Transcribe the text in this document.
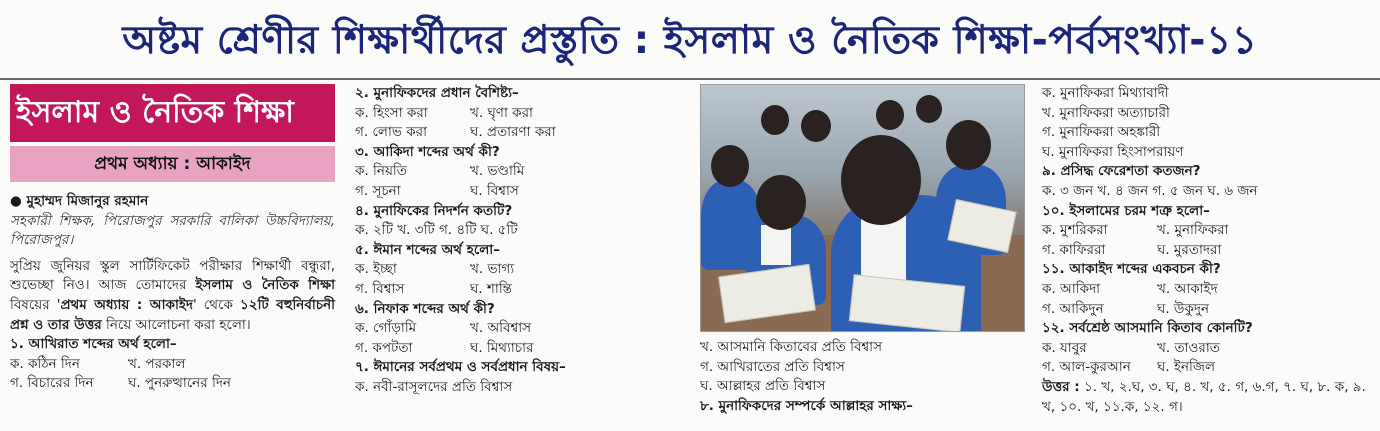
অষ্টম শ্রেণীর শিক্ষার্থীদের প্রস্তুতি : ইসলাম ও নৈতিক শিক্ষা-পর্বসংখ্যা-১১
ইসলাম ও নৈতিক শিক্ষা
প্রথম অধ্যায় : আকাইদ
● মুহাম্মদ মিজানুর রহমান
সহকারী শিক্ষক, পিরোজপুর সরকারি বালিকা উচ্চবিদ্যালয়, পিরোজপুর।
সুপ্রিয় জুনিয়র স্কুল সার্টিফিকেট পরীক্ষার শিক্ষার্থী বন্ধুরা, শুভেচ্ছা নিও। আজ তোমাদের ইসলাম ও নৈতিক শিক্ষা বিষয়ের 'প্রথম অধ্যায় : আকাইদ' থেকে ১২টি বহুনির্বাচনী প্রশ্ন ও তার উত্তর নিয়ে আলোচনা করা হলো।
১. আখিরাত শব্দের অর্থ হলো–
ক. কঠিন দিন	খ. পরকাল
গ. বিচারের দিন	ঘ. পুনরুত্থানের দিন
২. মুনাফিকদের প্রধান বৈশিষ্ট্য–
ক. হিংসা করা	খ. ঘৃণা করা
গ. লোভ করা	ঘ. প্রতারণা করা
৩. আকিদা শব্দের অর্থ কী?
ক. নিয়তি	খ. ভণ্ডামি
গ. সূচনা	ঘ. বিশ্বাস
৪. মুনাফিকের নিদর্শন কতটি?
ক. ২টি খ. ৩টি গ. ৪টি ঘ. ৫টি
৫. ঈমান শব্দের অর্থ হলো–
ক. ইচ্ছা	খ. ভাগ্য
গ. বিশ্বাস	ঘ. শান্তি
৬. নিফাক শব্দের অর্থ কী?
ক. গোঁড়ামি	খ. অবিশ্বাস
গ. কপটতা	ঘ. মিথ্যাচার
৭. ঈমানের সর্বপ্রথম ও সর্বপ্রধান বিষয়–
ক. নবী-রাসূলদের প্রতি বিশ্বাস
খ. আসমানি কিতাবের প্রতি বিশ্বাস
গ. আখিরাতের প্রতি বিশ্বাস
ঘ. আল্লাহর প্রতি বিশ্বাস
৮. মুনাফিকদের সম্পর্কে আল্লাহর সাক্ষ্য–
ক. মুনাফিকরা মিথ্যাবাদী
খ. মুনাফিকরা অত্যাচারী
গ. মুনাফিকরা অহঙ্কারী
ঘ. মুনাফিকরা হিংসাপরায়ণ
৯. প্রসিদ্ধ ফেরেশতা কতজন?
ক. ৩ জন খ. ৪ জন গ. ৫ জন ঘ. ৬ জন
১০. ইসলামের চরম শত্রু হলো–
ক. মুশরিকরা	খ. মুনাফিকরা
গ. কাফিররা	ঘ. মুরতাদরা
১১. আকাইদ শব্দের একবচন কী?
ক. আকিদা	খ. আকাইদ
গ. আকিদুন	ঘ. উকুদুন
১২. সর্বশ্রেষ্ঠ আসমানি কিতাব কোনটি?
ক. যাবুর	খ. তাওরাত
গ. আল-কুরআন ঘ. ইনজিল
উত্তর : ১. খ, ২.ঘ, ৩. ঘ, ৪. খ, ৫. গ, ৬.গ, ৭. ঘ, ৮. ক, ৯. খ, ১০. খ, ১১.ক, ১২. গ।
